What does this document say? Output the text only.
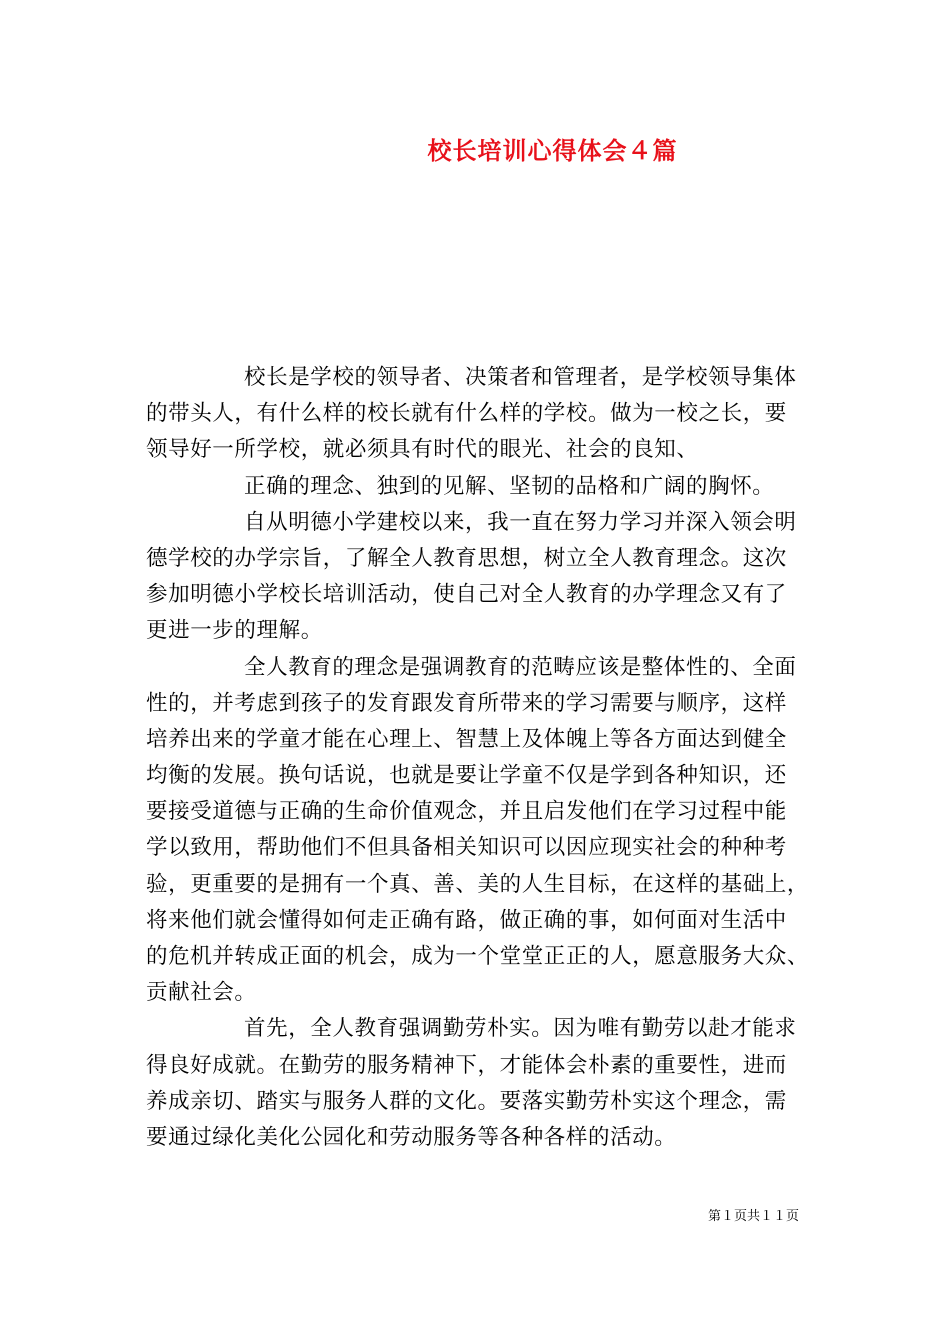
校长培训心得体会４篇
校长是学校的领导者、决策者和管理者，是学校领导集体
的带头人，有什么样的校长就有什么样的学校。做为一校之长，要
领导好一所学校，就必须具有时代的眼光、社会的良知、
正确的理念、独到的见解、坚韧的品格和广阔的胸怀。
自从明德小学建校以来，我一直在努力学习并深入领会明
德学校的办学宗旨，了解全人教育思想，树立全人教育理念。这次
参加明德小学校长培训活动，使自己对全人教育的办学理念又有了
更进一步的理解。
全人教育的理念是强调教育的范畴应该是整体性的、全面
性的，并考虑到孩子的发育跟发育所带来的学习需要与顺序，这样
培养出来的学童才能在心理上、智慧上及体魄上等各方面达到健全
均衡的发展。换句话说，也就是要让学童不仅是学到各种知识，还
要接受道德与正确的生命价值观念，并且启发他们在学习过程中能
学以致用，帮助他们不但具备相关知识可以因应现实社会的种种考
验，更重要的是拥有一个真、善、美的人生目标，在这样的基础上，
将来他们就会懂得如何走正确有路，做正确的事，如何面对生活中
的危机并转成正面的机会，成为一个堂堂正正的人，愿意服务大众、
贡献社会。
首先，全人教育强调勤劳朴实。因为唯有勤劳以赴才能求
得良好成就。在勤劳的服务精神下，才能体会朴素的重要性，进而
养成亲切、踏实与服务人群的文化。要落实勤劳朴实这个理念，需
要通过绿化美化公园化和劳动服务等各种各样的活动。
第１页共１１页
